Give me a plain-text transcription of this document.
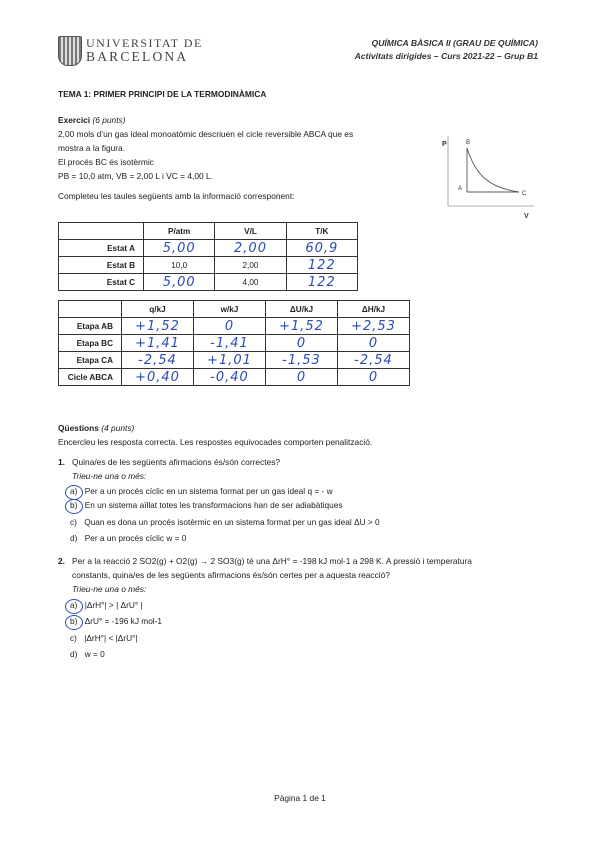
UNIVERSITAT DE
BARCELONA
QUÍMICA BÀSICA II (GRAU DE QUÍMICA)
Activitats dirigides – Curs 2021-22 – Grup B1
TEMA 1: PRIMER PRINCIPI DE LA TERMODINÀMICA
Exercici (6 punts)
2,00 mols d’un gas ideal monoatòmic descriuen el cicle reversible ABCA que es
mostra a la figura.
El procés BC és isotèrmic
PB = 10,0 atm, VB = 2,00 L i VC = 4,00 L.
Completeu les taules següents amb la informació corresponent:
P	B
A
C
V
	P/atm	V/L	T/K
Estat A	5,00	2,00	60,9
Estat B	10,0	2,00	122
Estat C	5,00	4,00	122
	q/kJ	w/kJ	ΔU/kJ	ΔH/kJ
Etapa AB	+1,52	0	+1,52	+2,53
Etapa BC	+1,41	-1,41	0	0
Etapa CA	-2,54	+1,01	-1,53	-2,54
Cicle ABCA	+0,40	-0,40	0	0
Qüestions (4 punts)
Encercleu les resposta correcta. Les respostes equivocades comporten penalització.
1. Quina/es de les següents afirmacions és/són correctes?
Trieu-ne una o més:
a) Per a un procés cíclic en un sistema format per un gas ideal q = - w
b) En un sistema aïllat totes les transformacions han de ser adiabàtiques
c) Quan es dona un procés isotèrmic en un sistema format per un gas ideal ΔU > 0
d) Per a un procés cíclic w = 0
2. Per a la reacció 2 SO2(g) + O2(g) → 2 SO3(g) té una ΔrH° = -198 kJ mol-1 a 298 K. A pressió i temperatura
constants, quina/es de les següents afirmacions és/són certes per a aquesta reacció?
Trieu-ne una o més:
a) |ΔrH°| > | ΔrU° |
b) ΔrU° = -196 kJ mol-1
c) |ΔrH°| < |ΔrU°|
d) w = 0
Pàgina 1 de 1
